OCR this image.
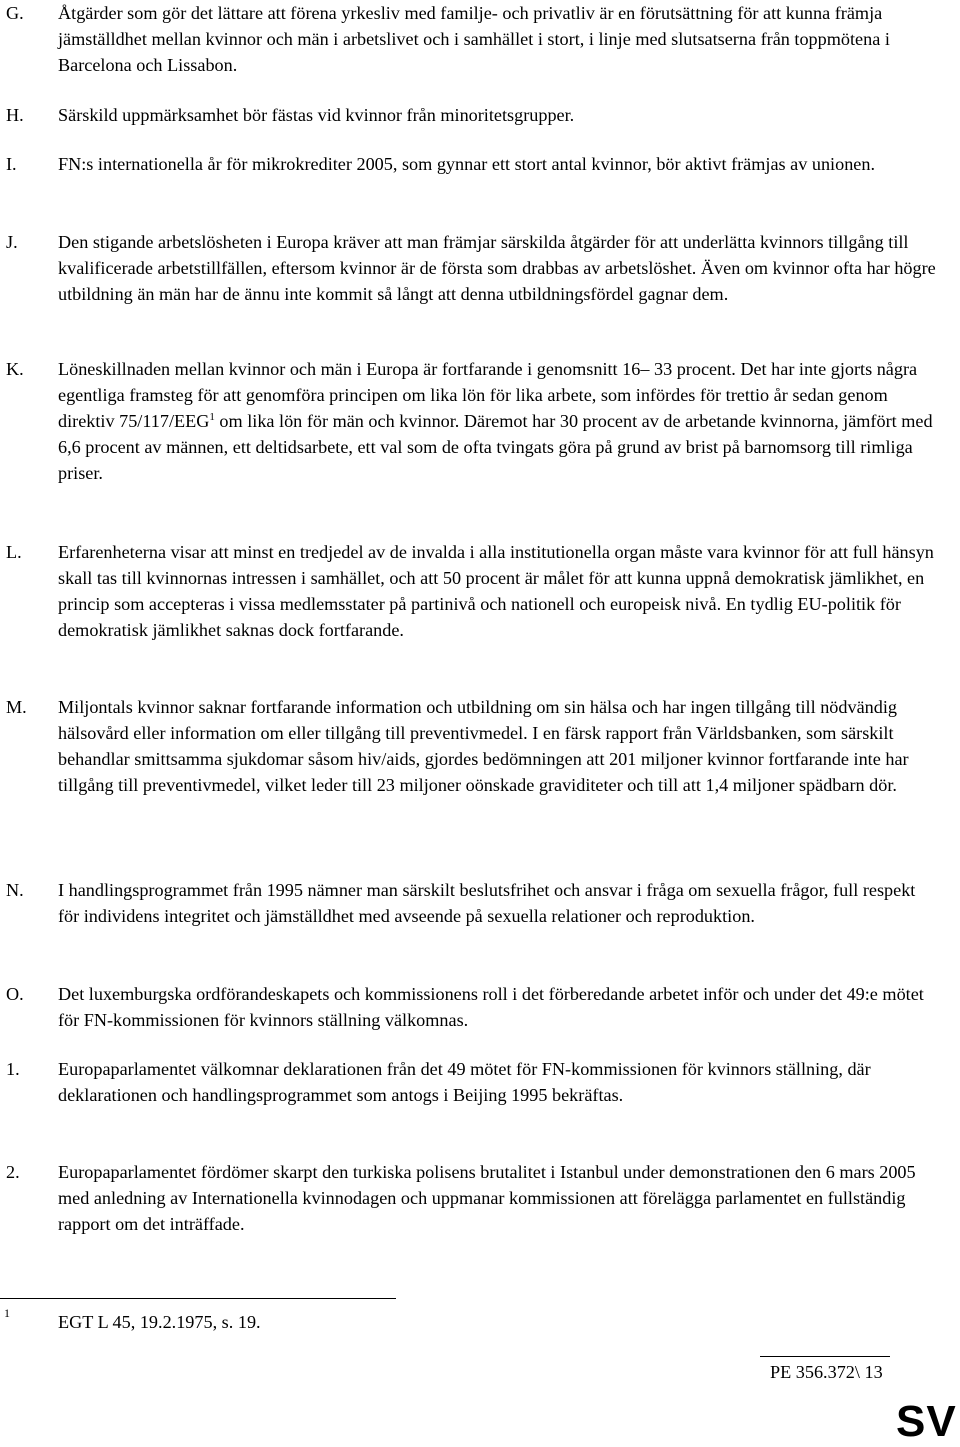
G. Åtgärder som gör det lättare att förena yrkesliv med familje- och privatliv är en förutsättning för att kunna främja jämställdhet mellan kvinnor och män i arbetslivet och i samhället i stort, i linje med slutsatserna från toppmötena i Barcelona och Lissabon.
H. Särskild uppmärksamhet bör fästas vid kvinnor från minoritetsgrupper.
I. FN:s internationella år för mikrokrediter 2005, som gynnar ett stort antal kvinnor, bör aktivt främjas av unionen.
J. Den stigande arbetslösheten i Europa kräver att man främjar särskilda åtgärder för att underlätta kvinnors tillgång till kvalificerade arbetstillfällen, eftersom kvinnor är de första som drabbas av arbetslöshet. Även om kvinnor ofta har högre utbildning än män har de ännu inte kommit så långt att denna utbildningsfördel gagnar dem.
K. Löneskillnaden mellan kvinnor och män i Europa är fortfarande i genomsnitt 16– 33 procent. Det har inte gjorts några egentliga framsteg för att genomföra principen om lika lön för lika arbete, som infördes för trettio år sedan genom direktiv 75/117/EEG$^1$ om lika lön för män och kvinnor. Däremot har 30 procent av de arbetande kvinnorna, jämfört med 6,6 procent av männen, ett deltidsarbete, ett val som de ofta tvingats göra på grund av brist på barnomsorg till rimliga priser.
L. Erfarenheterna visar att minst en tredjedel av de invalda i alla institutionella organ måste vara kvinnor för att full hänsyn skall tas till kvinnornas intressen i samhället, och att 50 procent är målet för att kunna uppnå demokratisk jämlikhet, en princip som accepteras i vissa medlemsstater på partinivå och nationell och europeisk nivå. En tydlig EU-politik för demokratisk jämlikhet saknas dock fortfarande.
M. Miljontals kvinnor saknar fortfarande information och utbildning om sin hälsa och har ingen tillgång till nödvändig hälsovård eller information om eller tillgång till preventivmedel. I en färsk rapport från Världsbanken, som särskilt behandlar smittsamma sjukdomar såsom hiv/aids, gjordes bedömningen att 201 miljoner kvinnor fortfarande inte har tillgång till preventivmedel, vilket leder till 23 miljoner oönskade graviditeter och till att 1,4 miljoner spädbarn dör.
N. I handlingsprogrammet från 1995 nämner man särskilt beslutsfrihet och ansvar i fråga om sexuella frågor, full respekt för individens integritet och jämställdhet med avseende på sexuella relationer och reproduktion.
O. Det luxemburgska ordförandeskapets och kommissionens roll i det förberedande arbetet inför och under det 49:e mötet för FN-kommissionen för kvinnors ställning välkomnas.
1. Europaparlamentet välkomnar deklarationen från det 49 mötet för FN-kommissionen för kvinnors ställning, där deklarationen och handlingsprogrammet som antogs i Beijing 1995 bekräftas.
2. Europaparlamentet fördömer skarpt den turkiska polisens brutalitet i Istanbul under demonstrationen den 6 mars 2005 med anledning av Internationella kvinnodagen och uppmanar kommissionen att förelägga parlamentet en fullständig rapport om det inträffade.
1	EGT L 45, 19.2.1975, s. 19.
PE 356.372\ 13
SV
